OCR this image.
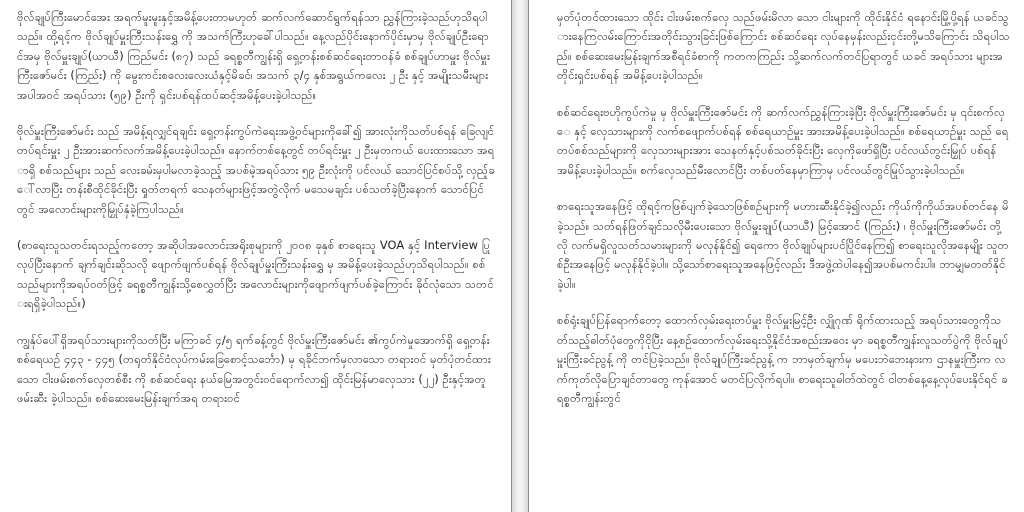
ဗိုလ်ချုပ်ကြီးမောင်အေး အရက်မူးမူးနှင့်အမိန့်ပေးတာမဟုတ် ဆက်လက်ဆောင်ရွက်ရန်သာ ညွှန်ကြားခဲ့သည်ဟုသိရပါသည်။ ထို့ရင့်က ဗိုလ်ချုပ်မှူးကြီးသန်းရွှေ ကို အသက်ကြီးဟုခေါ်ပါသည်။ နေ့လည်ပိုင်းနောက်ပိုင်းမှာမှ ဗိုလ်ချုပ်ဦးရောင်အမှ ဗိုလ်မှူးချုပ်(ယာယီ) ကြည်မင်း (၈၇) သည် ခရစ္စတီကျွန်းရှိ ရှေ့တန်းစစ်ဆင်ရေးတာဝန်ခံ စစ်ချုပ်ဟာမှူး ဗိုလ်မှူးကြီးဇော်မင်း (ကြည်း) ကို မွေးကင်းစလေးလေးယံနှင့်မိခင်၊ အသက် ၃/၄ နှစ်အရွယ်ကလေး ၂ ဦး နှင့် အမျိုးသမီးများအပါအဝင် အရပ်သား (၅၉) ဦးကို ရှင်းပစ်ရန်ထပ်ဆင့်အမိန့်ပေးခဲ့ပါသည်။

ဗိုလ်မှူးကြီးဇော်မင်း သည် အမိန့်ရလျှင်ရချင်း ရှေ့တန်းကွပ်ကဲရေးအဖွဲ့ဝင်များကိုခေါ်၍ အားလုံးကိုသတ်ပစ်ရန် ခြေလျင်တပ်ရင်းမှူး ၂ ဦးအားဆက်လက်အမိန့်ပေးခဲ့ပါသည်။ နောက်တစ်နေ့တွင် တပ်ရင်းမှူး ၂ ဦးမှတကယ် ပေးထားသော အရာရှိ စစ်သည်များ သည် လေးခမ်းမှပါမလာခဲ့သည့် အပစ်မဲ့အရပ်သား ၅၉ ဦးလုံးကို ပင်လယ် သောင်ပြင်စပ်သို့ လှည့်ခေါ်လာပြီး တန်းစီထိုင်ခိုင်းပြီး ရှုတ်တရက် သေနတ်များဖြင့်အတွဲလိုက် မသေမချင်း ပစ်သတ်ခဲ့ပြီးနောက် သောင်ပြင်တွင် အလောင်းများကိုမြှုပ်နှံခဲ့ကြပါသည်။

(စာရေးသူသတင်းရသည့်ကတော့ အဆိုပါအလောင်းအရိုးစုများကို ၂၀၀၈ ခုနှစ် စာရေးသူ VOA နှင့် Interview ပြုလုပ်ပြီးနောက် ချက်ချင်းဆိုသလို ဖျောက်ဖျက်ပစ်ရန် ဗိုလ်ချုပ်မှူးကြီးသန်းရွှေ မှ အမိန့်ပေးခဲ့သည်ဟုသိရပါသည်။ စစ်သည်များကိုအရပ်ဝတ်ဖြင့် ခရစ္စတီကျွန်းသို့စေလွှတ်ပြီး အလောင်းများကိုဖျောက်ဖျက်ပစ်ခဲ့ကြောင်း ခိုင်လုံသော သတင်းရရှိခဲ့ပါသည်။)

ကျွန်ုပ်ပေါ်ရှိအရပ်သားများကိုသတ်ပြီး မကြာခင် ၄/၅ ရက်ခန့်တွင် ဗိုလ်မှူးကြီးဇော်မင်း ၏ကွပ်ကဲမှုအောက်ရှိ ရှေ့တန်း စစ်ရေယဉ် ၄၄၃ - ၄၄၅ (တရုတ်နိုင်ငံလုပ်ကမ်းခြေစောင့်သင်္ဘော) မှ ရခိုင်ဘက်မှလာသော တရားဝင် မှတ်ပုံတင်ထားသော ငါးဖမ်းစက်လှေတစ်စီး ကို စစ်ဆင်ရေး နယ်မြေအတွင်းဝင်ရောက်လာ၍ ထိုင်းမြန်မာလှေသား (၂၂) ဦးနှင့်အတူ ဖမ်းဆီး ခဲ့ပါသည်။ စစ်ဆေးမေးမြန်းချက်အရ တရားဝင်

မှတ်ပုံတင်ထားသော ထိုင်း ငါးဖမ်းစက်လှေ သည်ဖမ်းမိလာ သော ငါးများကို ထိုင်းနိုင်ငံ ရနောင်းမြို့ပို့ရန် ယခင်သွားနေကြလမ်းကြောင်းအတိုင်းသွားခြင်းဖြစ်ကြောင်း စစ်ဆင်ရေး လုပ်နေမှန်းလည်းငှင်းတို့မသိကြောင်း သိရပါသည်။ စစ်ဆေးမေးမြန်းချက်အစီရင်ခံစာကို ကတကကြည်း သို့ဆက်လက်တင်ပြရာတွင် ယခင် အရပ်သား များအတိုင်းရှင်းပစ်ရန် အမိန့်ပေးခဲ့ပါသည်။

စစ်ဆင်ရေးဗဟိုကွပ်ကဲမှု မှ ဗိုလ်မှူးကြီးဇော်မင်း ကို ဆက်လက်ညွှန်ကြားခဲ့ပြီး ဗိုလ်မှူးကြီးဇော်မင်း မှ ၎င်းစက်လှေ နှင့် လှေသားများကို လက်စဖျောက်ပစ်ရန် စစ်ရေယာဉ်မှူး အားအမိန့်ပေးခဲ့ပါသည်။ စစ်ရေယာဉ်မှူး သည် ရေတပ်စစ်သည်များကို လှေသားများအား သေနတ်နှင့်ပစ်သတ်ခိုင်းပြီး လှေကိုဖော်ရှိပြီး ပင်လယ်တွင်းမြှုပ် ပစ်ရန် အမိန့်ပေးခဲ့ပါသည်။ စက်လှေသည်မီးလောင်ပြီး တစ်ပတ်နေမှာကြာမှ ပင်လယ်တွင်မြုပ်သွားခဲ့ပါသည်။

စာရေးသူအနေဖြင့် ထိုရင့်ကဖြစ်ပျက်ခဲ့သောဖြစ်စဉ်များကို မဟားဆီးနိုင်ခဲ့၍လည်း ကိုယ်ကိုကိုယ်အပစ်တင်နေ မိခဲ့သည်။ သတ်ရန်ဖြတ်ချင်သလိုမီးပေးသော ဗိုလ်မှူးချုပ်(ယာယီ) မြင့်အောင် (ကြည်း) ၊ ဗိုလ်မှူးကြီးဇော်မင်း တို့လို လက်မရှိလူသတ်သမားများကို မလုန်နိုင်၍ ရေကော ဗိုလ်ချုပ်များပင်ပြိုင်နေကြ၍ စာရေးသူလိုအနေမျိုး သူတစ်ဦးအနေဖြင့် မလုန်နိုင်ခဲ့ပါ။ သို့သော်စာရေးသူအနေဖြင့်လည်း ဒီအဖွဲ့ထဲပါနေ၍အပစ်မကင်းပါ။ ဘာမျှမတတ်နိုင်ခဲ့ပါ။

စစ်ရုံးချုပ်ပြန်ရောက်တော့ ထောက်လှမ်းရေးတပ်မှူး ဗိုလ်မှူးမြင့်ဦး လျှိုဂုဏ် ရိုက်ထားသည့် အရပ်သားတွေကိုသတ်သည့်ဓါတ်ပုံတွေကိုငိုပြီး နေ့စဉ်ထောက်လှမ်းရေးသို့နိုင်ငံအစည်းအဝေး မှာ ခရစ္စတီကျွန်းလူသတ်ပွဲကို ဗိုလ်ချုပ်မှူးကြီးခင်ညွန့် ကို တင်ပြခဲ့သည်။ ဗိုလ်ချုပ်ကြီးခင်ညွန့် က ဘာမှတ်ချက်မှ မပေးဘဲဘေးနားက ဌာနမှူးကြီးက လက်ကုတ်လိုပြောချင်တာတွေ ကုန်အောင် မတင်ပြလိုက်ရပါ။ စာရေးသူဓါတ်ထဲတွင် ငါတစ်နေ့နေ့လုပ်ပေးနိုင်ရင် ခရစ္စတီကျွန်းတွင်
